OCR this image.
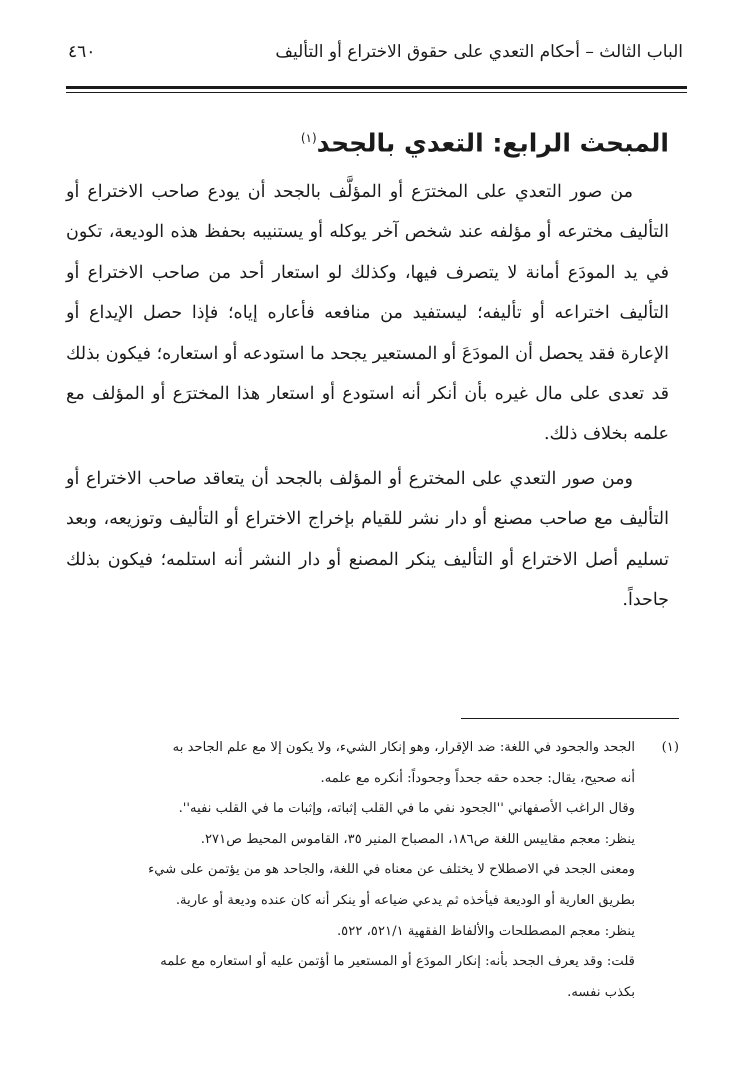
الباب الثالث – أحكام التعدي على حقوق الاختراع أو التأليف
٤٦٠
المبحث الرابع: التعدي بالجحد$^{(١)}$

من صور التعدي على المخترَع أو المؤلَّف بالجحد أن يودع صاحب الاختراع أو التأليف مخترعه أو مؤلفه عند شخص آخر يوكله أو يستنيبه بحفظ هذه الوديعة، تكون في يد المودَع أمانة لا يتصرف فيها، وكذلك لو استعار أحد من صاحب الاختراع أو التأليف اختراعه أو تأليفه؛ ليستفيد من منافعه فأعاره إياه؛ فإذا حصل الإيداع أو الإعارة فقد يحصل أن المودَعَ أو المستعير يجحد ما استودعه أو استعاره؛ فيكون بذلك قد تعدى على مال غيره بأن أنكر أنه استودع أو استعار هذا المخترَع أو المؤلف مع علمه بخلاف ذلك.

ومن صور التعدي على المخترع أو المؤلف بالجحد أن يتعاقد صاحب الاختراع أو التأليف مع صاحب مصنع أو دار نشر للقيام بإخراج الاختراع أو التأليف وتوزيعه، وبعد تسليم أصل الاختراع أو التأليف ينكر المصنع أو دار النشر أنه استلمه؛ فيكون بذلك جاحداً.

(١)
الجحد والجحود في اللغة: ضد الإقرار، وهو إنكار الشيء، ولا يكون إلا مع علم الجاحد به
أنه صحيح، يقال: جحده حقه جحداً وجحوداً: أنكره مع علمه.
وقال الراغب الأصفهاني ''الجحود نفي ما في القلب إثباته، وإثبات ما في القلب نفيه''.
ينظر: معجم مقاييس اللغة ص١٨٦، المصباح المنير ٣٥، القاموس المحيط ص٢٧١.
ومعنى الجحد في الاصطلاح لا يختلف عن معناه في اللغة، والجاحد هو من يؤتمن على شيء
بطريق العارية أو الوديعة فيأخذه ثم يدعي ضياعه أو ينكر أنه كان عنده وديعة أو عارية.
ينظر: معجم المصطلحات والألفاظ الفقهية ٥٢١/١، ٥٢٢.
قلت: وقد يعرف الجحد بأنه: إنكار المودَع أو المستعير ما أؤتمن عليه أو استعاره مع علمه
بكذب نفسه.
